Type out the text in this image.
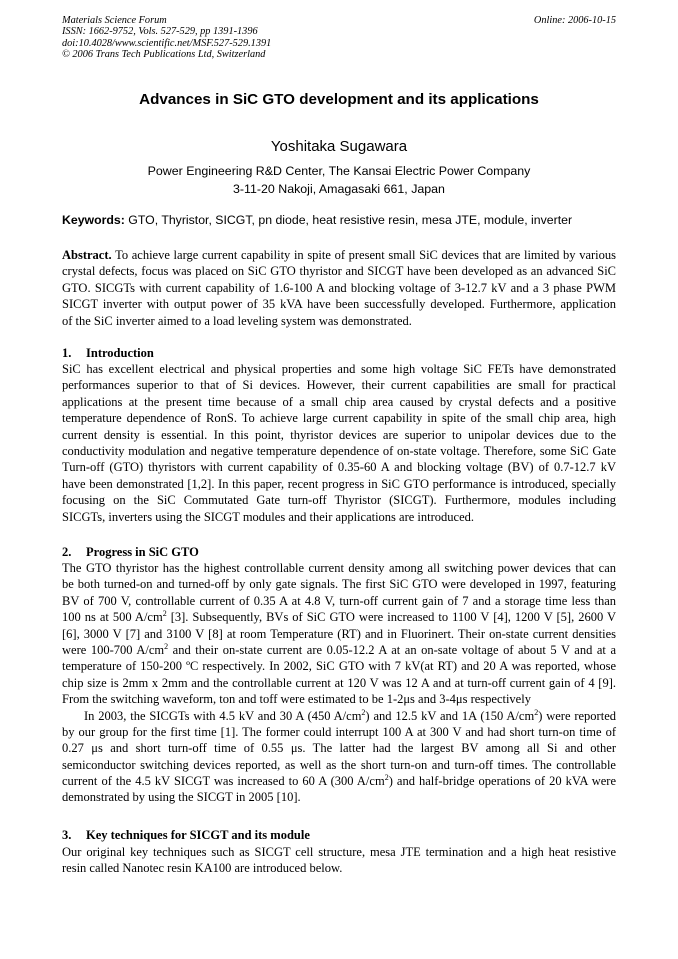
Materials Science Forum
ISSN: 1662-9752, Vols. 527-529, pp 1391-1396
doi:10.4028/www.scientific.net/MSF.527-529.1391
© 2006 Trans Tech Publications Ltd, Switzerland
Online: 2006-10-15
Advances in SiC GTO development and its applications
Yoshitaka Sugawara
Power Engineering R&D Center, The Kansai Electric Power Company
3-11-20 Nakoji, Amagasaki 661, Japan
Keywords: GTO, Thyristor, SICGT, pn diode, heat resistive resin, mesa JTE, module, inverter
Abstract. To achieve large current capability in spite of present small SiC devices that are limited by various
crystal defects, focus was placed on SiC GTO thyristor and SICGT have been developed as an advanced SiC
GTO. SICGTs with current capability of 1.6-100 A and blocking voltage of 3-12.7 kV and a 3 phase PWM
SICGT inverter with output power of 35 kVA have been successfully developed. Furthermore, application
of the SiC inverter aimed to a load leveling system was demonstrated.
1. Introduction
SiC has excellent electrical and physical properties and some high voltage SiC FETs have demonstrated
performances superior to that of Si devices. However, their current capabilities are small for practical
applications at the present time because of a small chip area caused by crystal defects and a positive
temperature dependence of RonS. To achieve large current capability in spite of the small chip area, high
current density is essential. In this point, thyristor devices are superior to unipolar devices due to the
conductivity modulation and negative temperature dependence of on-state voltage. Therefore, some SiC Gate
Turn-off (GTO) thyristors with current capability of 0.35-60 A and blocking voltage (BV) of 0.7-12.7 kV
have been demonstrated [1,2]. In this paper, recent progress in SiC GTO performance is introduced, specially
focusing on the SiC Commutated Gate turn-off Thyristor (SICGT). Furthermore, modules including
SICGTs, inverters using the SICGT modules and their applications are introduced.
2. Progress in SiC GTO
The GTO thyristor has the highest controllable current density among all switching power devices that can
be both turned-on and turned-off by only gate signals. The first SiC GTO were developed in 1997, featuring
BV of 700 V, controllable current of 0.35 A at 4.8 V, turn-off current gain of 7 and a storage time less than
100 ns at 500 $A/cm^2$ [3]. Subsequently, BVs of SiC GTO were increased to 1100 V [4], 1200 V [5], 2600 V
[6], 3000 V [7] and 3100 V [8] at room Temperature (RT) and in Fluorinert. Their on-state current densities
were 100-700 $A/cm^2$ and their on-state current are 0.05-12.2 A at an on-sate voltage of about 5 V and at a
temperature of 150-200 ºC respectively. In 2002, SiC GTO with 7 kV(at RT) and 20 A was reported, whose
chip size is 2mm x 2mm and the controllable current at 120 V was 12 A and at turn-off current gain of 4 [9].
From the switching waveform, ton and toff were estimated to be 1-2μs and 3-4μs respectively
In 2003, the SICGTs with 4.5 kV and 30 A (450 $A/cm^2$) and 12.5 kV and 1A (150 $A/cm^2$) were reported
by our group for the first time [1]. The former could interrupt 100 A at 300 V and had short turn-on time of
0.27 μs and short turn-off time of 0.55 μs. The latter had the largest BV among all Si and other
semiconductor switching devices reported, as well as the short turn-on and turn-off times. The controllable
current of the 4.5 kV SICGT was increased to 60 A (300 $A/cm^2$) and half-bridge operations of 20 kVA were
demonstrated by using the SICGT in 2005 [10].
3. Key techniques for SICGT and its module
Our original key techniques such as SICGT cell structure, mesa JTE termination and a high heat resistive
resin called Nanotec resin KA100 are introduced below.
